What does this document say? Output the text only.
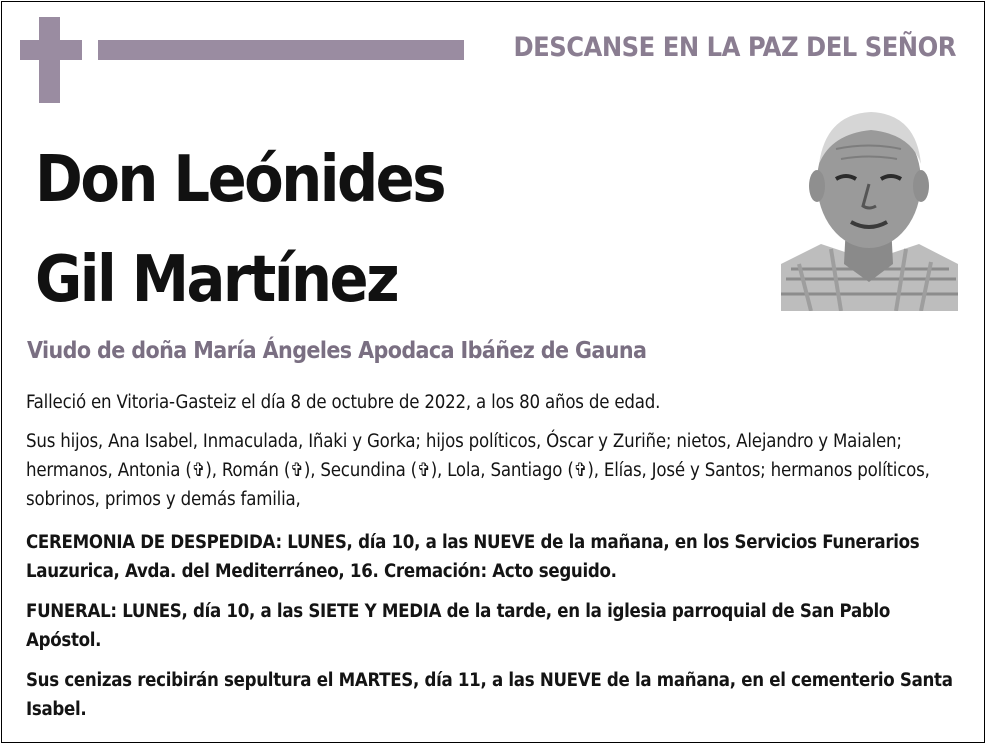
DESCANSE EN LA PAZ DEL SEÑOR
Don Leónides
Gil Martínez
Viudo de doña María Ángeles Apodaca Ibáñez de Gauna
Falleció en Vitoria-Gasteiz el día 8 de octubre de 2022, a los 80 años de edad.
Sus hijos, Ana Isabel, Inmaculada, Iñaki y Gorka; hijos políticos, Óscar y Zuriñe; nietos, Alejandro y Maialen; hermanos, Antonia (✞), Román (✞), Secundina (✞), Lola, Santiago (✞), Elías, José y Santos; hermanos políticos, sobrinos, primos y demás familia,
CEREMONIA DE DESPEDIDA: LUNES, día 10, a las NUEVE de la mañana, en los Servicios Funerarios Lauzurica, Avda. del Mediterráneo, 16. Cremación: Acto seguido.
FUNERAL: LUNES, día 10, a las SIETE Y MEDIA de la tarde, en la iglesia parroquial de San Pablo Apóstol.
Sus cenizas recibirán sepultura el MARTES, día 11, a las NUEVE de la mañana, en el cementerio Santa Isabel.
